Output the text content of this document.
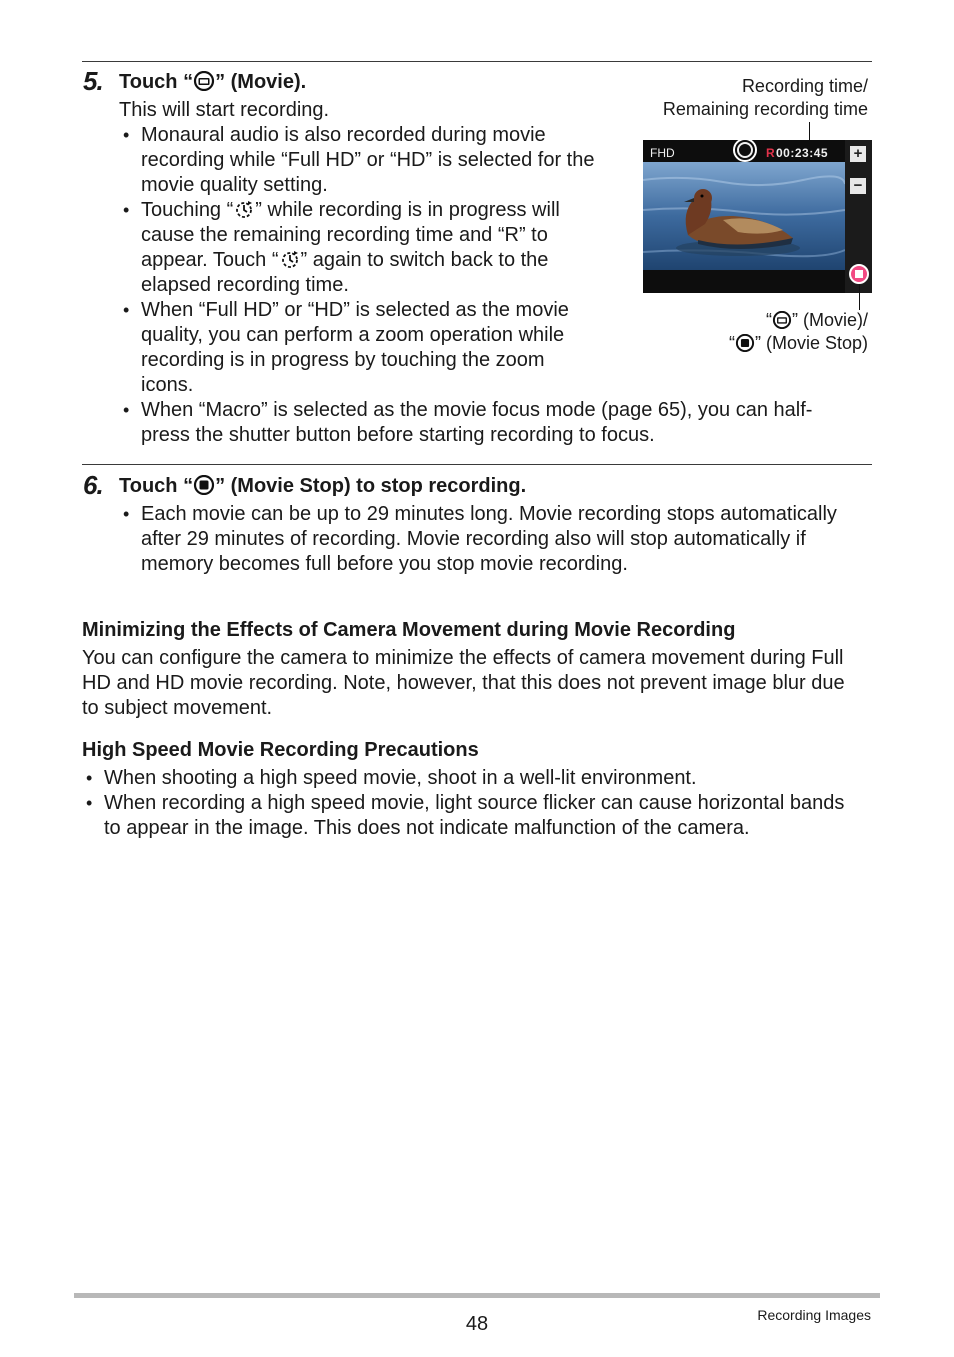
5. Touch “ ” (Movie).
This will start recording.
• Monaural audio is also recorded during movie recording while “Full HD” or “HD” is selected for the movie quality setting.
• Touching “ ” while recording is in progress will cause the remaining recording time and “R” to appear. Touch “ ” again to switch back to the elapsed recording time.
• When “Full HD” or “HD” is selected as the movie quality, you can perform a zoom operation while recording is in progress by touching the zoom icons.
• When “Macro” is selected as the movie focus mode (page 65), you can half-press the shutter button before starting recording to focus.
Recording time/
Remaining recording time
FHD	R 00:23:45 +
−
“ ” (Movie)/
“ ” (Movie Stop)
6. Touch “ ” (Movie Stop) to stop recording.
• Each movie can be up to 29 minutes long. Movie recording stops automatically after 29 minutes of recording. Movie recording also will stop automatically if memory becomes full before you stop movie recording.
Minimizing the Effects of Camera Movement during Movie Recording
You can configure the camera to minimize the effects of camera movement during Full HD and HD movie recording. Note, however, that this does not prevent image blur due to subject movement.
High Speed Movie Recording Precautions
• When shooting a high speed movie, shoot in a well-lit environment.
• When recording a high speed movie, light source flicker can cause horizontal bands to appear in the image. This does not indicate malfunction of the camera.
48	Recording Images
